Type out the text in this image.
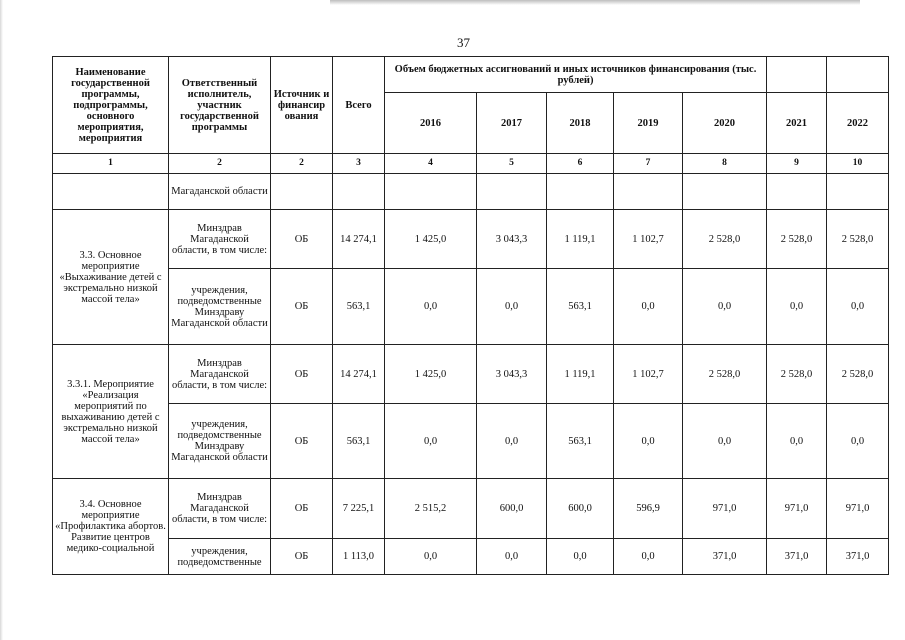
37
Наименование государственной программы, подпрограммы, основного мероприятия, мероприятия	Ответственный исполнитель, участник государственной программы	Источник и финансир ования	Всего	Объем бюджетных ассигнований и иных источников финансирования (тыс. рублей)						
				2016	2017	2018	2019	2020	2021	2022
1	2	2	3	4	5	6	7	8	9	10
	Магаданской области									
3.3. Основное мероприятие «Выхаживание детей с экстремально низкой массой тела»	Минздрав Магаданской области, в том числе:	ОБ	14 274,1	1 425,0	3 043,3	1 119,1	1 102,7	2 528,0	2 528,0	2 528,0
	учреждения, подведомственные Минздраву Магаданской области	ОБ	563,1	0,0	0,0	563,1	0,0	0,0	0,0	0,0
3.3.1. Мероприятие «Реализация мероприятий по выхаживанию детей с экстремально низкой массой тела»	Минздрав Магаданской области, в том числе:	ОБ	14 274,1	1 425,0	3 043,3	1 119,1	1 102,7	2 528,0	2 528,0	2 528,0
	учреждения, подведомственные Минздраву Магаданской области	ОБ	563,1	0,0	0,0	563,1	0,0	0,0	0,0	0,0
3.4. Основное мероприятие «Профилактика абортов. Развитие центров медико-социальной	Минздрав Магаданской области, в том числе:	ОБ	7 225,1	2 515,2	600,0	600,0	596,9	971,0	971,0	971,0
	учреждения, подведомственные	ОБ	1 113,0	0,0	0,0	0,0	0,0	371,0	371,0	371,0
